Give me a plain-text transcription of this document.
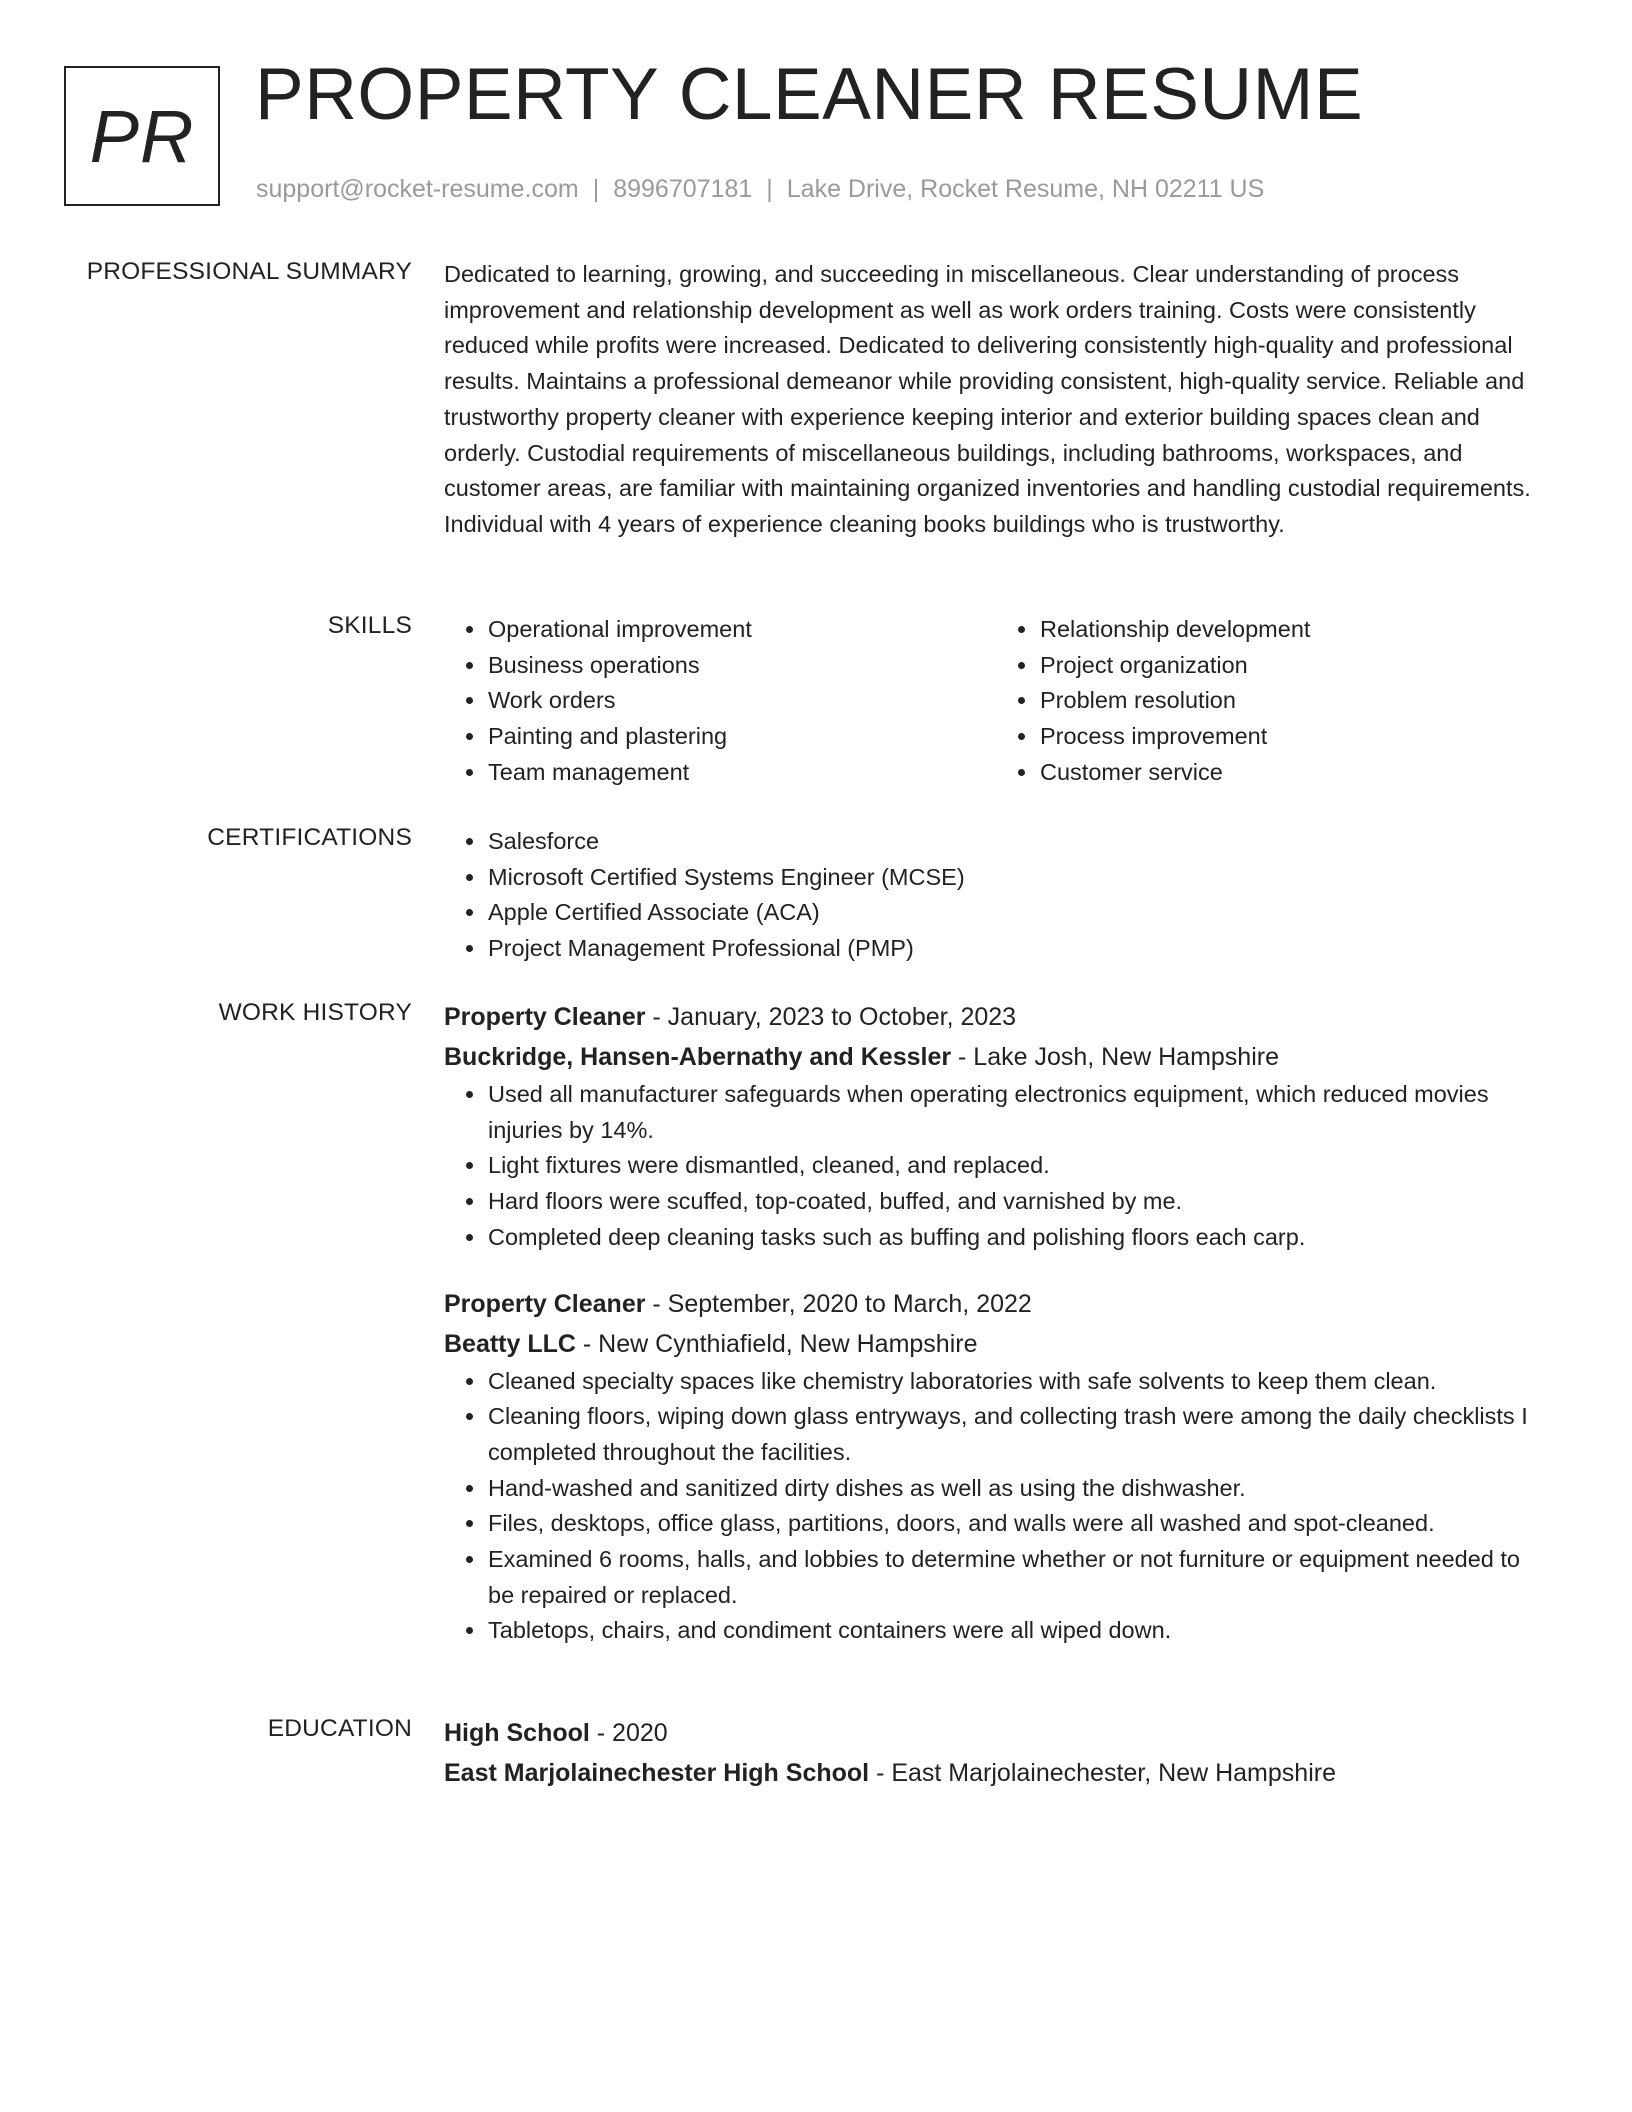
PR PROPERTY CLEANER RESUME
support@rocket-resume.com | 8996707181 | Lake Drive, Rocket Resume, NH 02211 US
PROFESSIONAL SUMMARY Dedicated to learning, growing, and succeeding in miscellaneous. Clear understanding of process improvement and relationship development as well as work orders training. Costs were consistently reduced while profits were increased. Dedicated to delivering consistently high-quality and professional results. Maintains a professional demeanor while providing consistent, high-quality service. Reliable and trustworthy property cleaner with experience keeping interior and exterior building spaces clean and orderly. Custodial requirements of miscellaneous buildings, including bathrooms, workspaces, and customer areas, are familiar with maintaining organized inventories and handling custodial requirements. Individual with 4 years of experience cleaning books buildings who is trustworthy.
SKILLS	• Operational improvement
• Business operations
• Work orders
• Painting and plastering
• Team management
• Relationship development
• Project organization
• Problem resolution
• Process improvement
• Customer service
CERTIFICATIONS	• Salesforce
• Microsoft Certified Systems Engineer (MCSE)
• Apple Certified Associate (ACA)
• Project Management Professional (PMP)
WORK HISTORY Property Cleaner - January, 2023 to October, 2023
Buckridge, Hansen-Abernathy and Kessler - Lake Josh, New Hampshire
• Used all manufacturer safeguards when operating electronics equipment, which reduced movies injuries by 14%.
• Light fixtures were dismantled, cleaned, and replaced.
• Hard floors were scuffed, top-coated, buffed, and varnished by me.
• Completed deep cleaning tasks such as buffing and polishing floors each carp.
Property Cleaner - September, 2020 to March, 2022
Beatty LLC - New Cynthiafield, New Hampshire
• Cleaned specialty spaces like chemistry laboratories with safe solvents to keep them clean.
• Cleaning floors, wiping down glass entryways, and collecting trash were among the daily checklists I completed throughout the facilities.
• Hand-washed and sanitized dirty dishes as well as using the dishwasher.
• Files, desktops, office glass, partitions, doors, and walls were all washed and spot-cleaned.
• Examined 6 rooms, halls, and lobbies to determine whether or not furniture or equipment needed to be repaired or replaced.
• Tabletops, chairs, and condiment containers were all wiped down.
EDUCATION High School - 2020
East Marjolainechester High School - East Marjolainechester, New Hampshire
